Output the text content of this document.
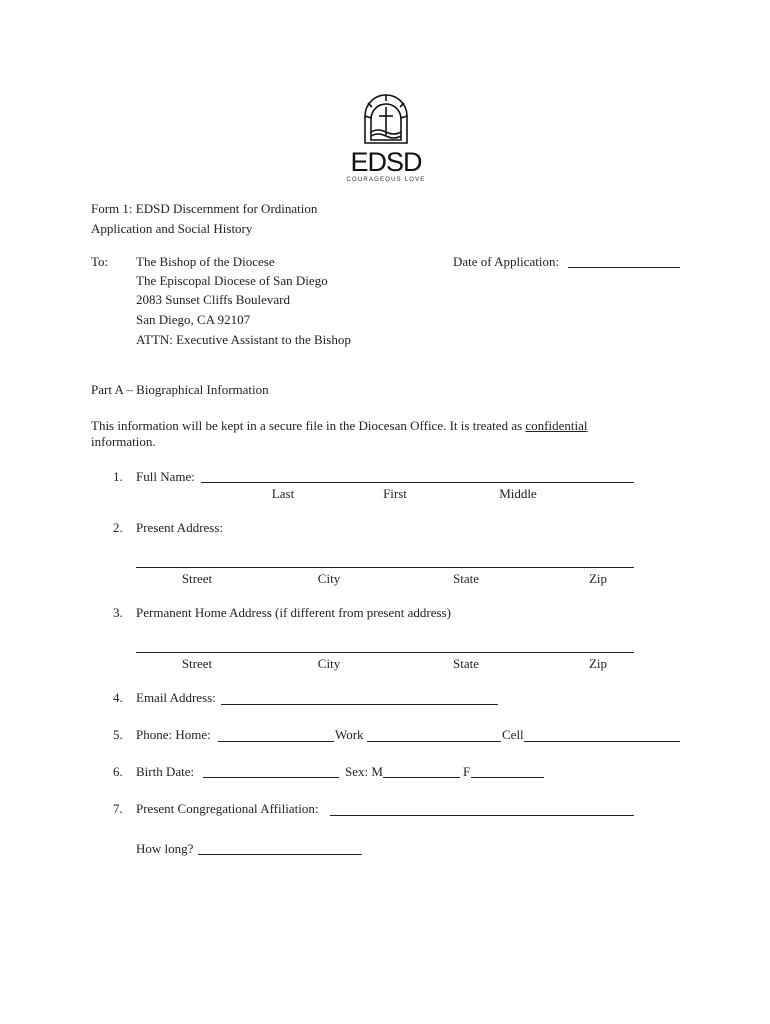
EDSD
COURAGEOUS LOVE
Form 1: EDSD Discernment for Ordination
Application and Social History
To: The Bishop of the Diocese
The Episcopal Diocese of San Diego
2083 Sunset Cliffs Boulevard
San Diego, CA 92107
ATTN: Executive Assistant to the Bishop
Date of Application:
Part A – Biographical Information
This information will be kept in a secure file in the Diocesan Office. It is treated as confidential
information.
1. Full Name:
Last	First	Middle
2. Present Address:
Street	City	State	Zip
3. Permanent Home Address (if different from present address)
Street	City	State	Zip
4. Email Address:
5. Phone: Home:	Work	Cell
6. Birth Date:	Sex: M	F
7. Present Congregational Affiliation:
How long?
